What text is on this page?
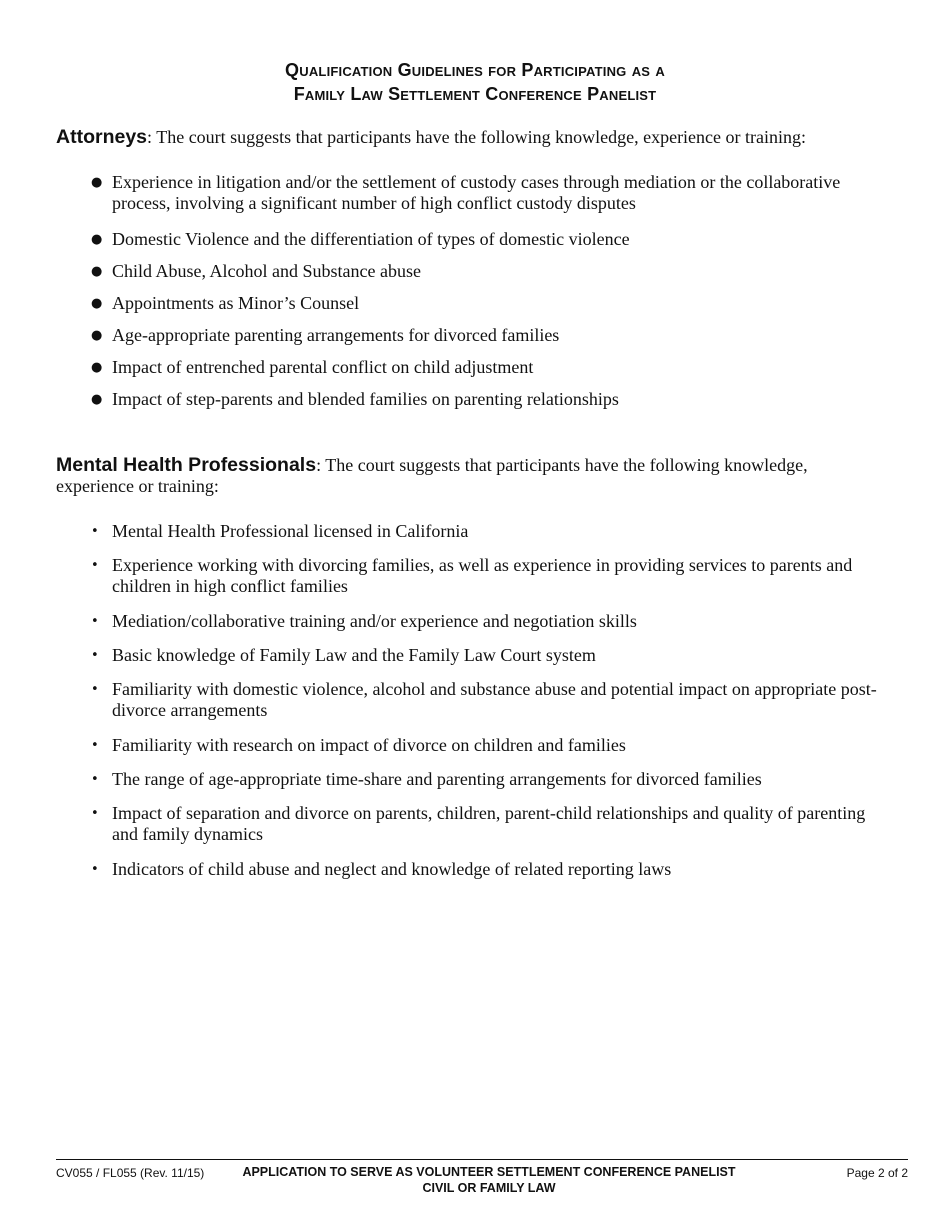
Qualification Guidelines for Participating as a
Family Law Settlement Conference Panelist
Attorneys: The court suggests that participants have the following knowledge, experience or training:
● Experience in litigation and/or the settlement of custody cases through mediation or the collaborative process, involving a significant number of high conflict custody disputes
● Domestic Violence and the differentiation of types of domestic violence
● Child Abuse, Alcohol and Substance abuse
● Appointments as Minor’s Counsel
● Age-appropriate parenting arrangements for divorced families
● Impact of entrenched parental conflict on child adjustment
● Impact of step-parents and blended families on parenting relationships
Mental Health Professionals: The court suggests that participants have the following knowledge, experience or training:
• Mental Health Professional licensed in California
• Experience working with divorcing families, as well as experience in providing services to parents and children in high conflict families
• Mediation/collaborative training and/or experience and negotiation skills
• Basic knowledge of Family Law and the Family Law Court system
• Familiarity with domestic violence, alcohol and substance abuse and potential impact on appropriate post-divorce arrangements
• Familiarity with research on impact of divorce on children and families
• The range of age-appropriate time-share and parenting arrangements for divorced families
• Impact of separation and divorce on parents, children, parent-child relationships and quality of parenting and family dynamics
• Indicators of child abuse and neglect and knowledge of related reporting laws
CV055 / FL055 (Rev. 11/15)	APPLICATION TO SERVE AS VOLUNTEER SETTLEMENT CONFERENCE PANELIST
CIVIL OR FAMILY LAW
Page 2 of 2
